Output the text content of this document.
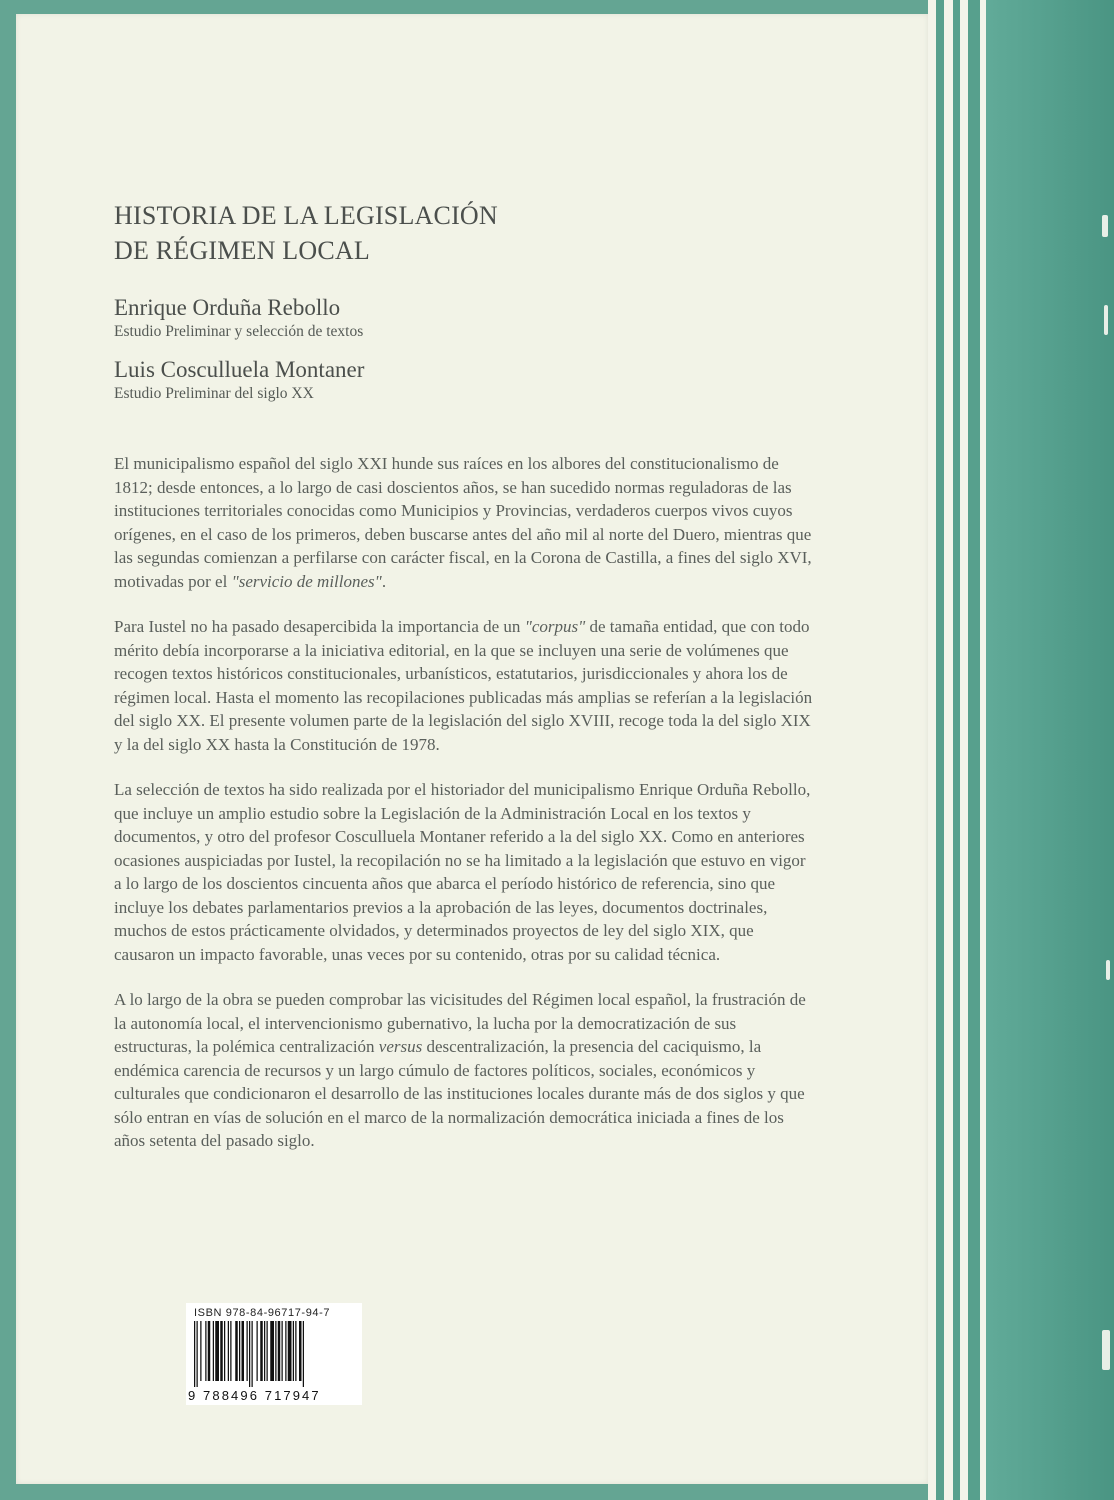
HISTORIA DE LA LEGISLACIÓN
DE RÉGIMEN LOCAL

Enrique Orduña Rebollo

Estudio Preliminar y selección de textos

Luis Cosculluela Montaner

Estudio Preliminar del siglo XX

El municipalismo español del siglo XXI hunde sus raíces en los albores del constitucionalismo de 1812; desde entonces, a lo largo de casi doscientos años, se han sucedido normas reguladoras de las instituciones territoriales conocidas como Municipios y Provincias, verdaderos cuerpos vivos cuyos orígenes, en el caso de los primeros, deben buscarse antes del año mil al norte del Duero, mientras que las segundas comienzan a perfilarse con carácter fiscal, en la Corona de Castilla, a fines del siglo XVI, motivadas por el "servicio de millones".

Para Iustel no ha pasado desapercibida la importancia de un "corpus" de tamaña entidad, que con todo mérito debía incorporarse a la iniciativa editorial, en la que se incluyen una serie de volúmenes que recogen textos históricos constitucionales, urbanísticos, estatutarios, jurisdiccionales y ahora los de régimen local. Hasta el momento las recopilaciones publicadas más amplias se referían a la legislación del siglo XX. El presente volumen parte de la legislación del siglo XVIII, recoge toda la del siglo XIX y la del siglo XX hasta la Constitución de 1978.

La selección de textos ha sido realizada por el historiador del municipalismo Enrique Orduña Rebollo, que incluye un amplio estudio sobre la Legislación de la Administración Local en los textos y documentos, y otro del profesor Cosculluela Montaner referido a la del siglo XX. Como en anteriores ocasiones auspiciadas por Iustel, la recopilación no se ha limitado a la legislación que estuvo en vigor a lo largo de los doscientos cincuenta años que abarca el período histórico de referencia, sino que incluye los debates parlamentarios previos a la aprobación de las leyes, documentos doctrinales, muchos de estos prácticamente olvidados, y determinados proyectos de ley del siglo XIX, que causaron un impacto favorable, unas veces por su contenido, otras por su calidad técnica.

A lo largo de la obra se pueden comprobar las vicisitudes del Régimen local español, la frustración de la autonomía local, el intervencionismo gubernativo, la lucha por la democratización de sus estructuras, la polémica centralización versus descentralización, la presencia del caciquismo, la endémica carencia de recursos y un largo cúmulo de factores políticos, sociales, económicos y culturales que condicionaron el desarrollo de las instituciones locales durante más de dos siglos y que sólo entran en vías de solución en el marco de la normalización democrática iniciada a fines de los años setenta del pasado siglo.

ISBN 978-84-96717-94-7
9 788496 717947
